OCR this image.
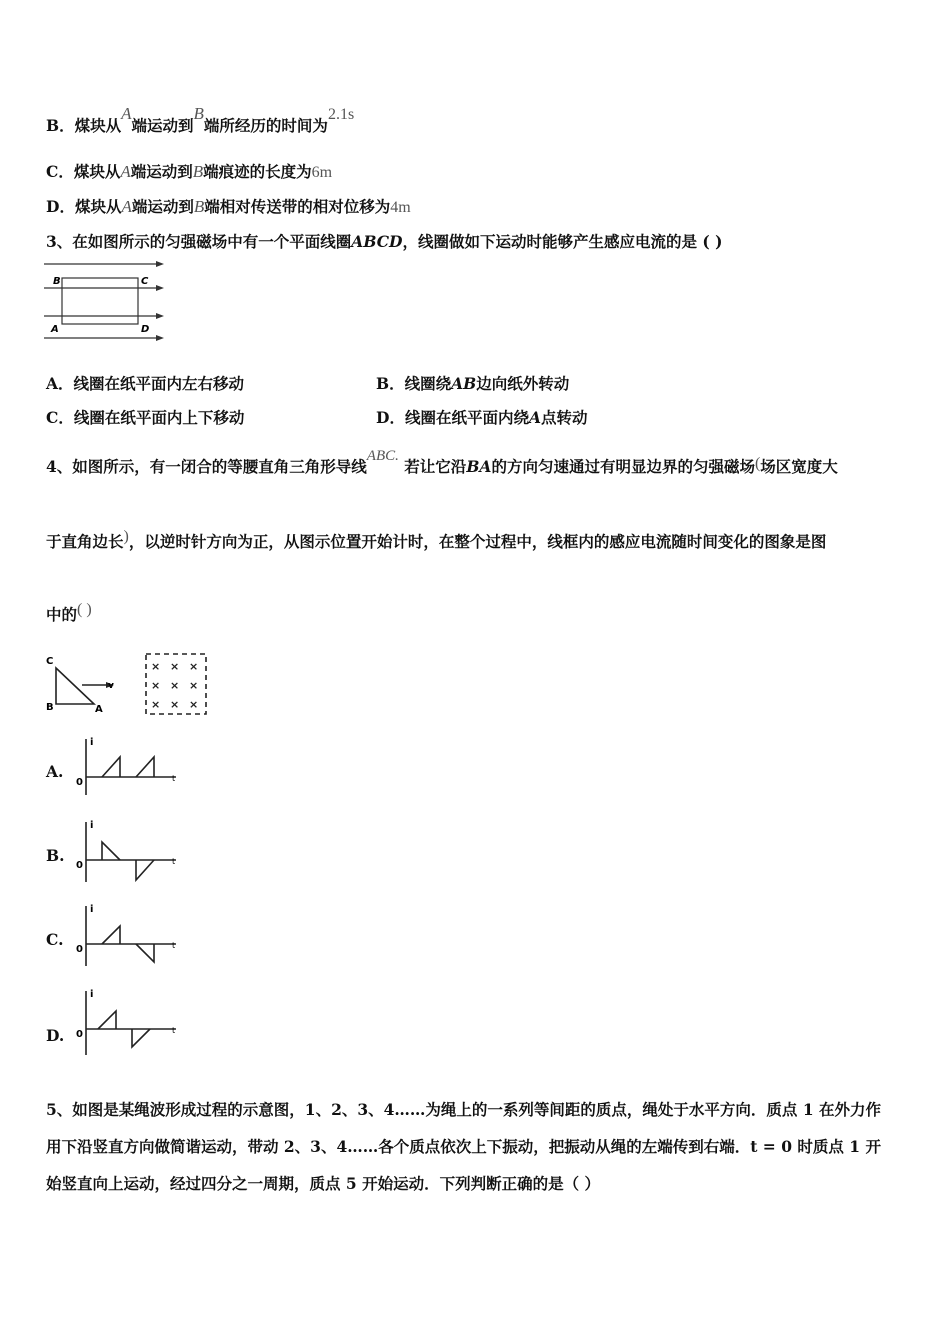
B．煤块从A端运动到B端所经历的时间为2.1s
C．煤块从A端运动到B端痕迹的长度为6m
D．煤块从A端运动到B端相对传送带的相对位移为4m
3、在如图所示的匀强磁场中有一个平面线圈ABCD，线圈做如下运动时能够产生感应电流的是 ( )
B	C
A	D
A．线圈在纸平面内左右移动	B．线圈绕AB边向纸外转动
C．线圈在纸平面内上下移动	D．线圈在纸平面内绕A点转动
4、如图所示，有一闭合的等腰直角三角形导线ABC. 若让它沿BA的方向匀速通过有明显边界的匀强磁场(场区宽度大
于直角边长)，以逆时针方向为正，从图示位置开始计时，在整个过程中，线框内的感应电流随时间变化的图象是图
中的( )
C
B	A
v
× × ×
× × ×
× × ×
A.
i
0	t
B.
i
0	t
C.
i
0	t
D.
i
0	t
5、如图是某绳波形成过程的示意图，1、2、3、4……为绳上的一系列等间距的质点，绳处于水平方向．质点 1 在外力作
用下沿竖直方向做简谐运动，带动 2、3、4……各个质点依次上下振动，把振动从绳的左端传到右端．t = 0 时质点 1 开
始竖直向上运动，经过四分之一周期，质点 5 开始运动．下列判断正确的是（ ）
